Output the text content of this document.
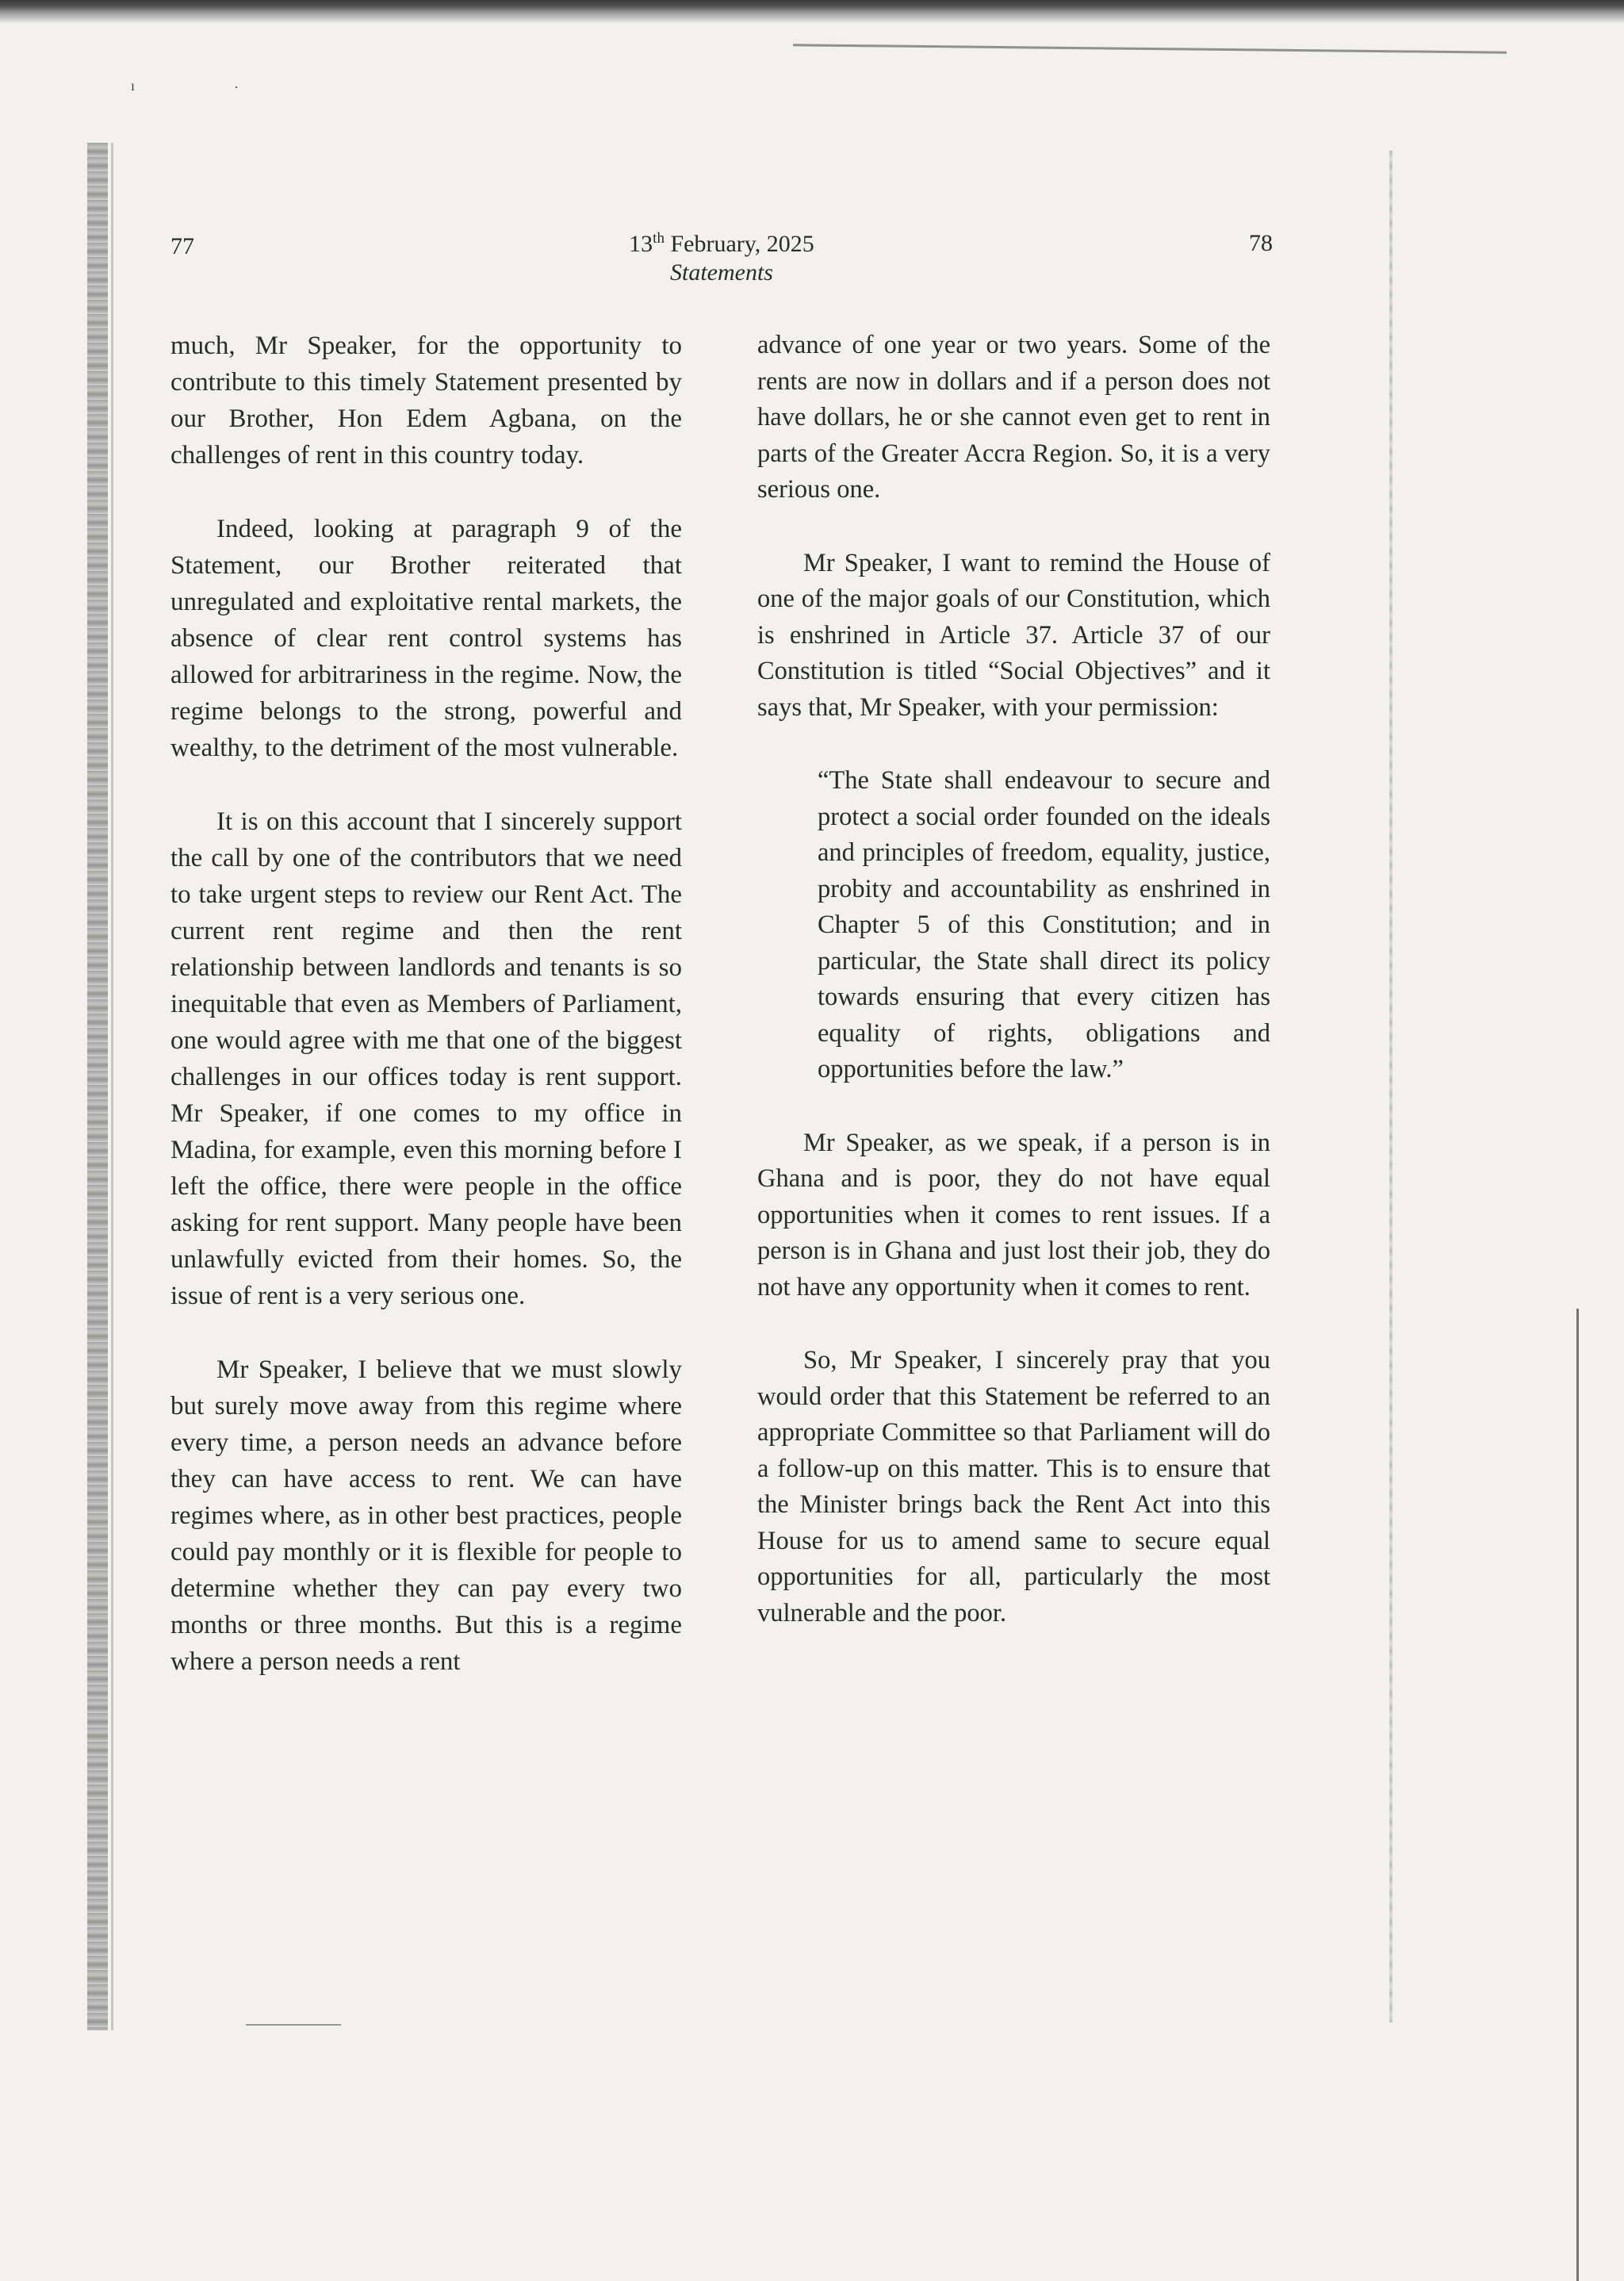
ı	·
77	13th February, 2025
Statements
78

much, Mr Speaker, for the opportunity to contribute to this timely Statement presented by our Brother, Hon Edem Agbana, on the challenges of rent in this country today.

Indeed, looking at paragraph 9 of the Statement, our Brother reiterated that unregulated and exploitative rental markets, the absence of clear rent control systems has allowed for arbitrariness in the regime. Now, the regime belongs to the strong, powerful and wealthy, to the detriment of the most vulnerable.

It is on this account that I sincerely support the call by one of the contributors that we need to take urgent steps to review our Rent Act. The current rent regime and then the rent relationship between landlords and tenants is so inequitable that even as Members of Parliament, one would agree with me that one of the biggest challenges in our offices today is rent support. Mr Speaker, if one comes to my office in Madina, for example, even this morning before I left the office, there were people in the office asking for rent support. Many people have been unlawfully evicted from their homes. So, the issue of rent is a very serious one.

Mr Speaker, I believe that we must slowly but surely move away from this regime where every time, a person needs an advance before they can have access to rent. We can have regimes where, as in other best practices, people could pay monthly or it is flexible for people to determine whether they can pay every two months or three months. But this is a regime where a person needs a rent

advance of one year or two years. Some of the rents are now in dollars and if a person does not have dollars, he or she cannot even get to rent in parts of the Greater Accra Region. So, it is a very serious one.

Mr Speaker, I want to remind the House of one of the major goals of our Constitution, which is enshrined in Article 37. Article 37 of our Constitution is titled “Social Objectives” and it says that, Mr Speaker, with your permission:

“The State shall endeavour to secure and protect a social order founded on the ideals and principles of freedom, equality, justice, probity and accountability as enshrined in Chapter 5 of this Constitution; and in particular, the State shall direct its policy towards ensuring that every citizen has equality of rights, obligations and opportunities before the law.”

Mr Speaker, as we speak, if a person is in Ghana and is poor, they do not have equal opportunities when it comes to rent issues. If a person is in Ghana and just lost their job, they do not have any opportunity when it comes to rent.

So, Mr Speaker, I sincerely pray that you would order that this Statement be referred to an appropriate Committee so that Parliament will do a follow-up on this matter. This is to ensure that the Minister brings back the Rent Act into this House for us to amend same to secure equal opportunities for all, particularly the most vulnerable and the poor.
